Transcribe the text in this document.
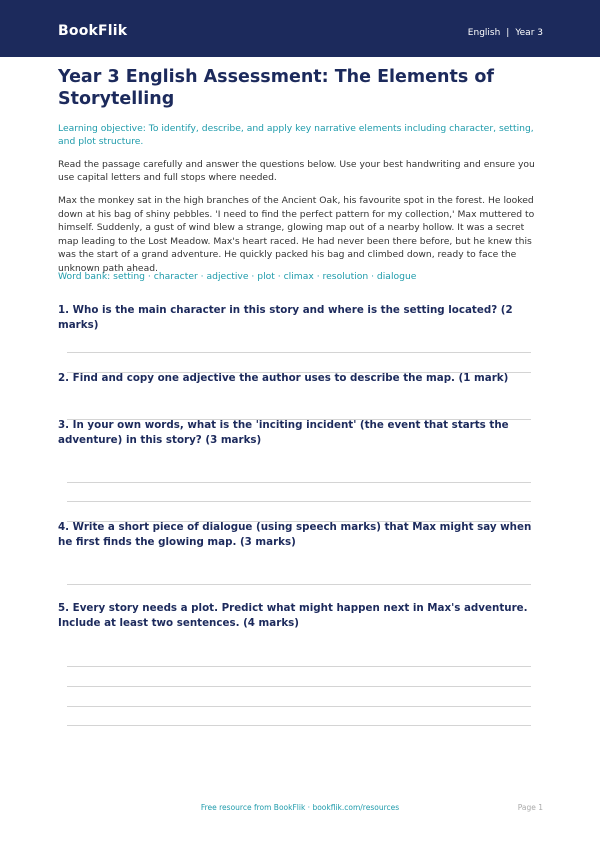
BookFlik	English | Year 3
Year 3 English Assessment: The Elements of Storytelling
Learning objective: To identify, describe, and apply key narrative elements including character, setting, and plot structure.
Read the passage carefully and answer the questions below. Use your best handwriting and ensure you use capital letters and full stops where needed.
Max the monkey sat in the high branches of the Ancient Oak, his favourite spot in the forest. He looked down at his bag of shiny pebbles. 'I need to find the perfect pattern for my collection,' Max muttered to himself. Suddenly, a gust of wind blew a strange, glowing map out of a nearby hollow. It was a secret map leading to the Lost Meadow. Max's heart raced. He had never been there before, but he knew this was the start of a grand adventure. He quickly packed his bag and climbed down, ready to face the unknown path ahead.
Word bank: setting · character · adjective · plot · climax · resolution · dialogue
1. Who is the main character in this story and where is the setting located? (2 marks)
2. Find and copy one adjective the author uses to describe the map. (1 mark)
3. In your own words, what is the 'inciting incident' (the event that starts the adventure) in this story? (3 marks)
4. Write a short piece of dialogue (using speech marks) that Max might say when he first finds the glowing map. (3 marks)
5. Every story needs a plot. Predict what might happen next in Max's adventure. Include at least two sentences. (4 marks)
Free resource from BookFlik · bookflik.com/resources	Page 1
